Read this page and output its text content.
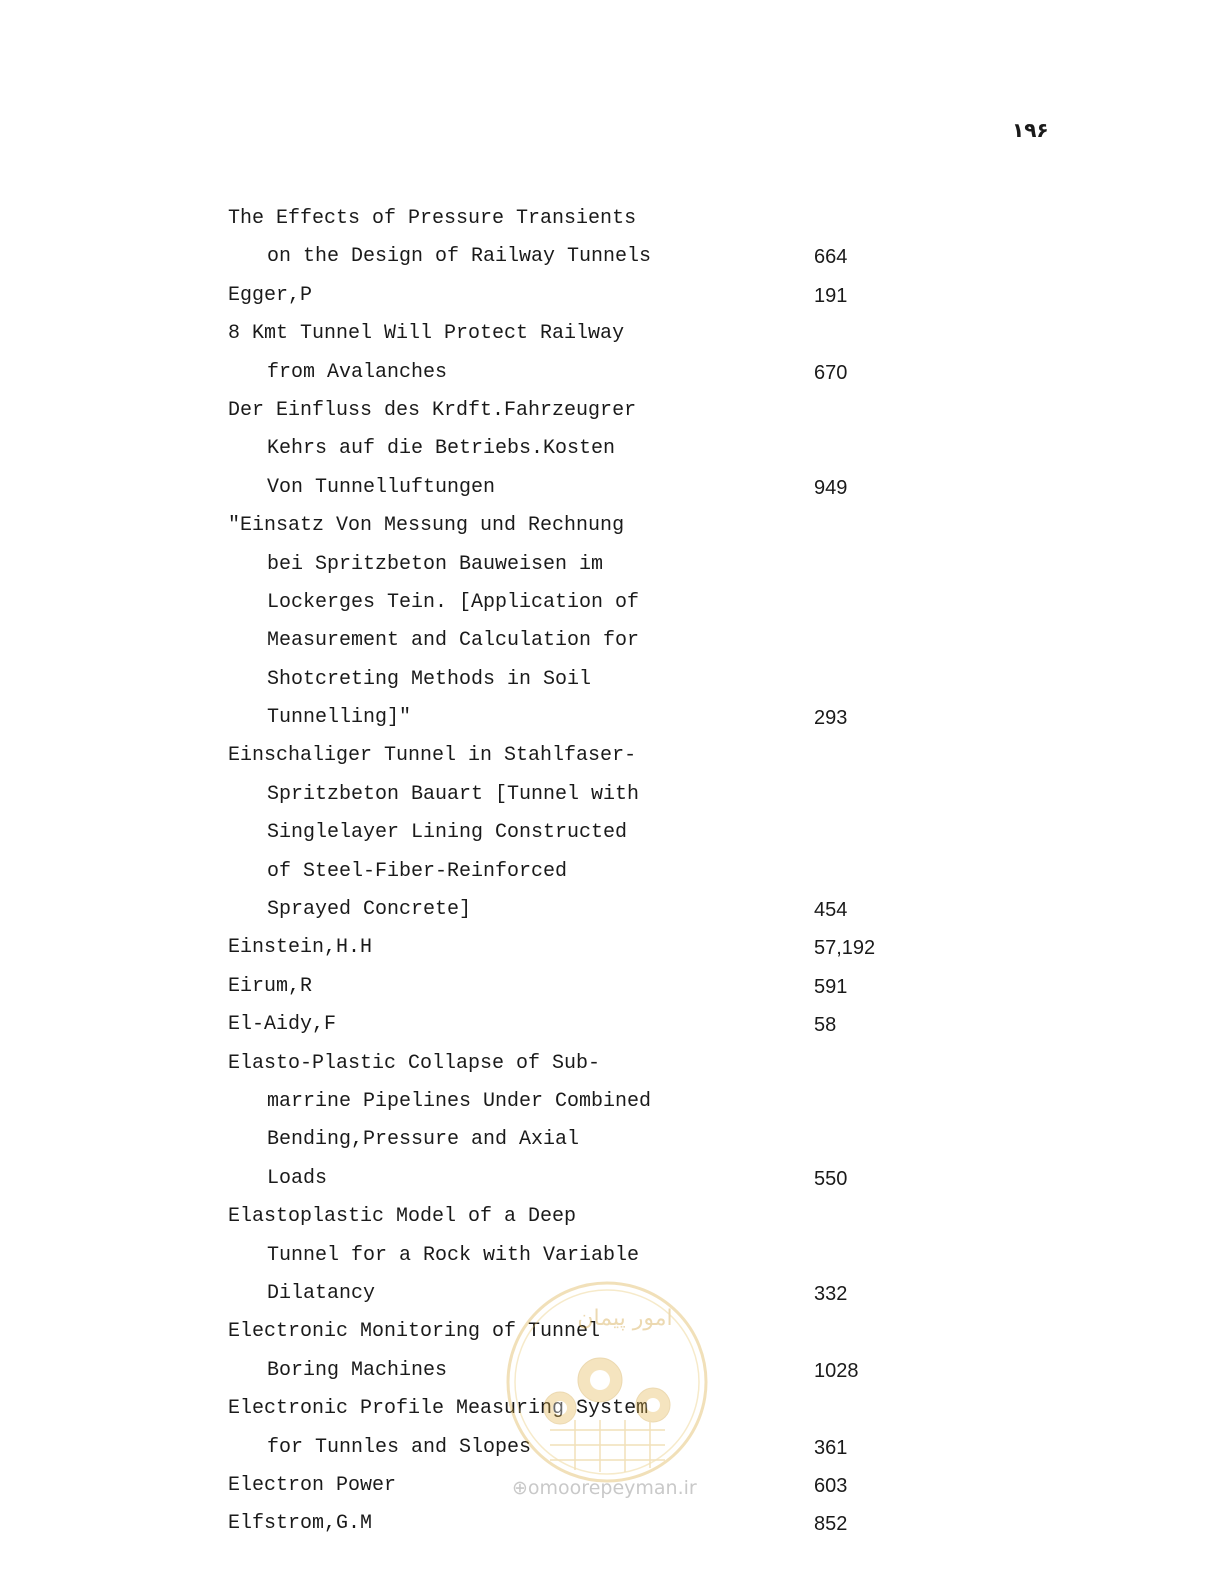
۱۹۶
The Effects of Pressure Transients
on the Design of Railway Tunnels	664
Egger,P	191
8 Kmt Tunnel Will Protect Railway
from Avalanches	670
Der Einfluss des Krdft.Fahrzeugrer
Kehrs auf die Betriebs.Kosten
Von Tunnelluftungen	949
"Einsatz Von Messung und Rechnung
bei Spritzbeton Bauweisen im
Lockerges Tein. [Application of
Measurement and Calculation for
Shotcreting Methods in Soil
Tunnelling]"	293
Einschaliger Tunnel in Stahlfaser-
Spritzbeton Bauart [Tunnel with
Singlelayer Lining Constructed
of Steel-Fiber-Reinforced
Sprayed Concrete]	454
Einstein,H.H	57,192
Eirum,R	591
El-Aidy,F	58
Elasto-Plastic Collapse of Sub-
marrine Pipelines Under Combined
Bending,Pressure and Axial
Loads	550
Elastoplastic Model of a Deep
Tunnel for a Rock with Variable
Dilatancy	332
Electronic Monitoring of Tunnel
Boring Machines	1028
Electronic Profile Measuring System
for Tunnles and Slopes	361
Electron Power	603
Elfstrom,G.M	852
امور پیمان
⊕omoorepeyman.ir
